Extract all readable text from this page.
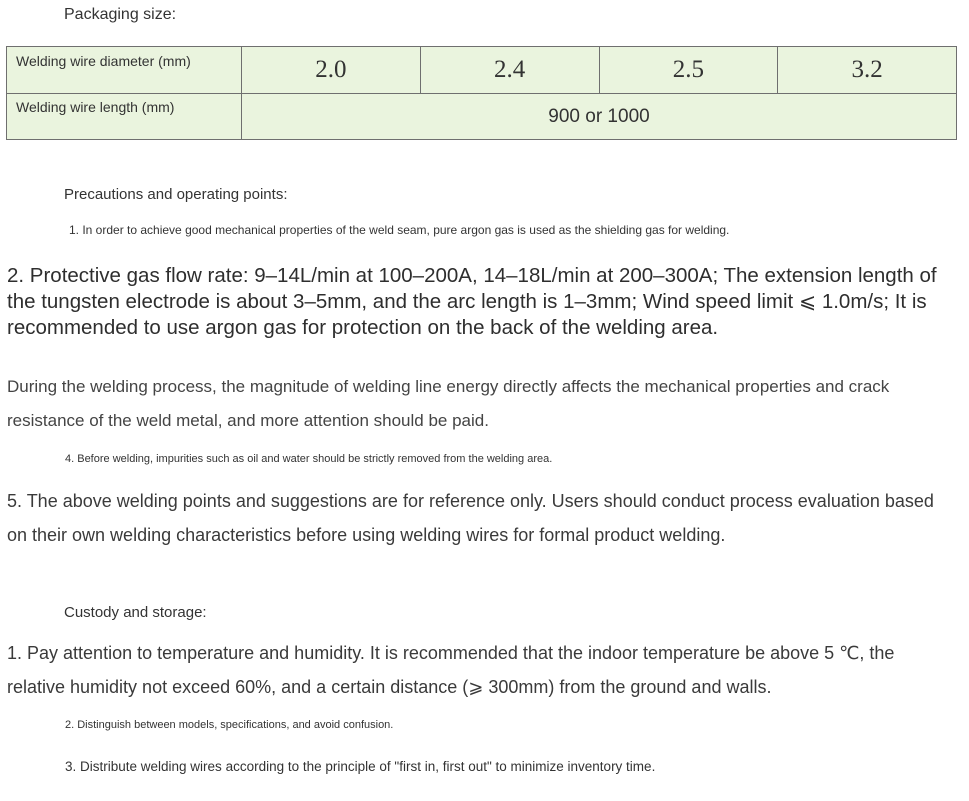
Packaging size:

Welding wire diameter (mm)	2.0	2.4	2.5	3.2
Welding wire length (mm)	900 or 1000			

Precautions and operating points:

1. In order to achieve good mechanical properties of the weld seam, pure argon gas is used as the shielding gas for welding.

2. Protective gas flow rate: 9–14L/min at 100–200A, 14–18L/min at 200–300A; The extension length of the tungsten electrode is about 3–5mm, and the arc length is 1–3mm; Wind speed limit ⩽ 1.0m/s; It is recommended to use argon gas for protection on the back of the welding area.

During the welding process, the magnitude of welding line energy directly affects the mechanical properties and crack resistance of the weld metal, and more attention should be paid.

4. Before welding, impurities such as oil and water should be strictly removed from the welding area.

5. The above welding points and suggestions are for reference only. Users should conduct process evaluation based on their own welding characteristics before using welding wires for formal product welding.

Custody and storage:

1. Pay attention to temperature and humidity. It is recommended that the indoor temperature be above 5 ℃, the relative humidity not exceed 60%, and a certain distance (⩾ 300mm) from the ground and walls.

2. Distinguish between models, specifications, and avoid confusion.

3. Distribute welding wires according to the principle of "first in, first out" to minimize inventory time.
